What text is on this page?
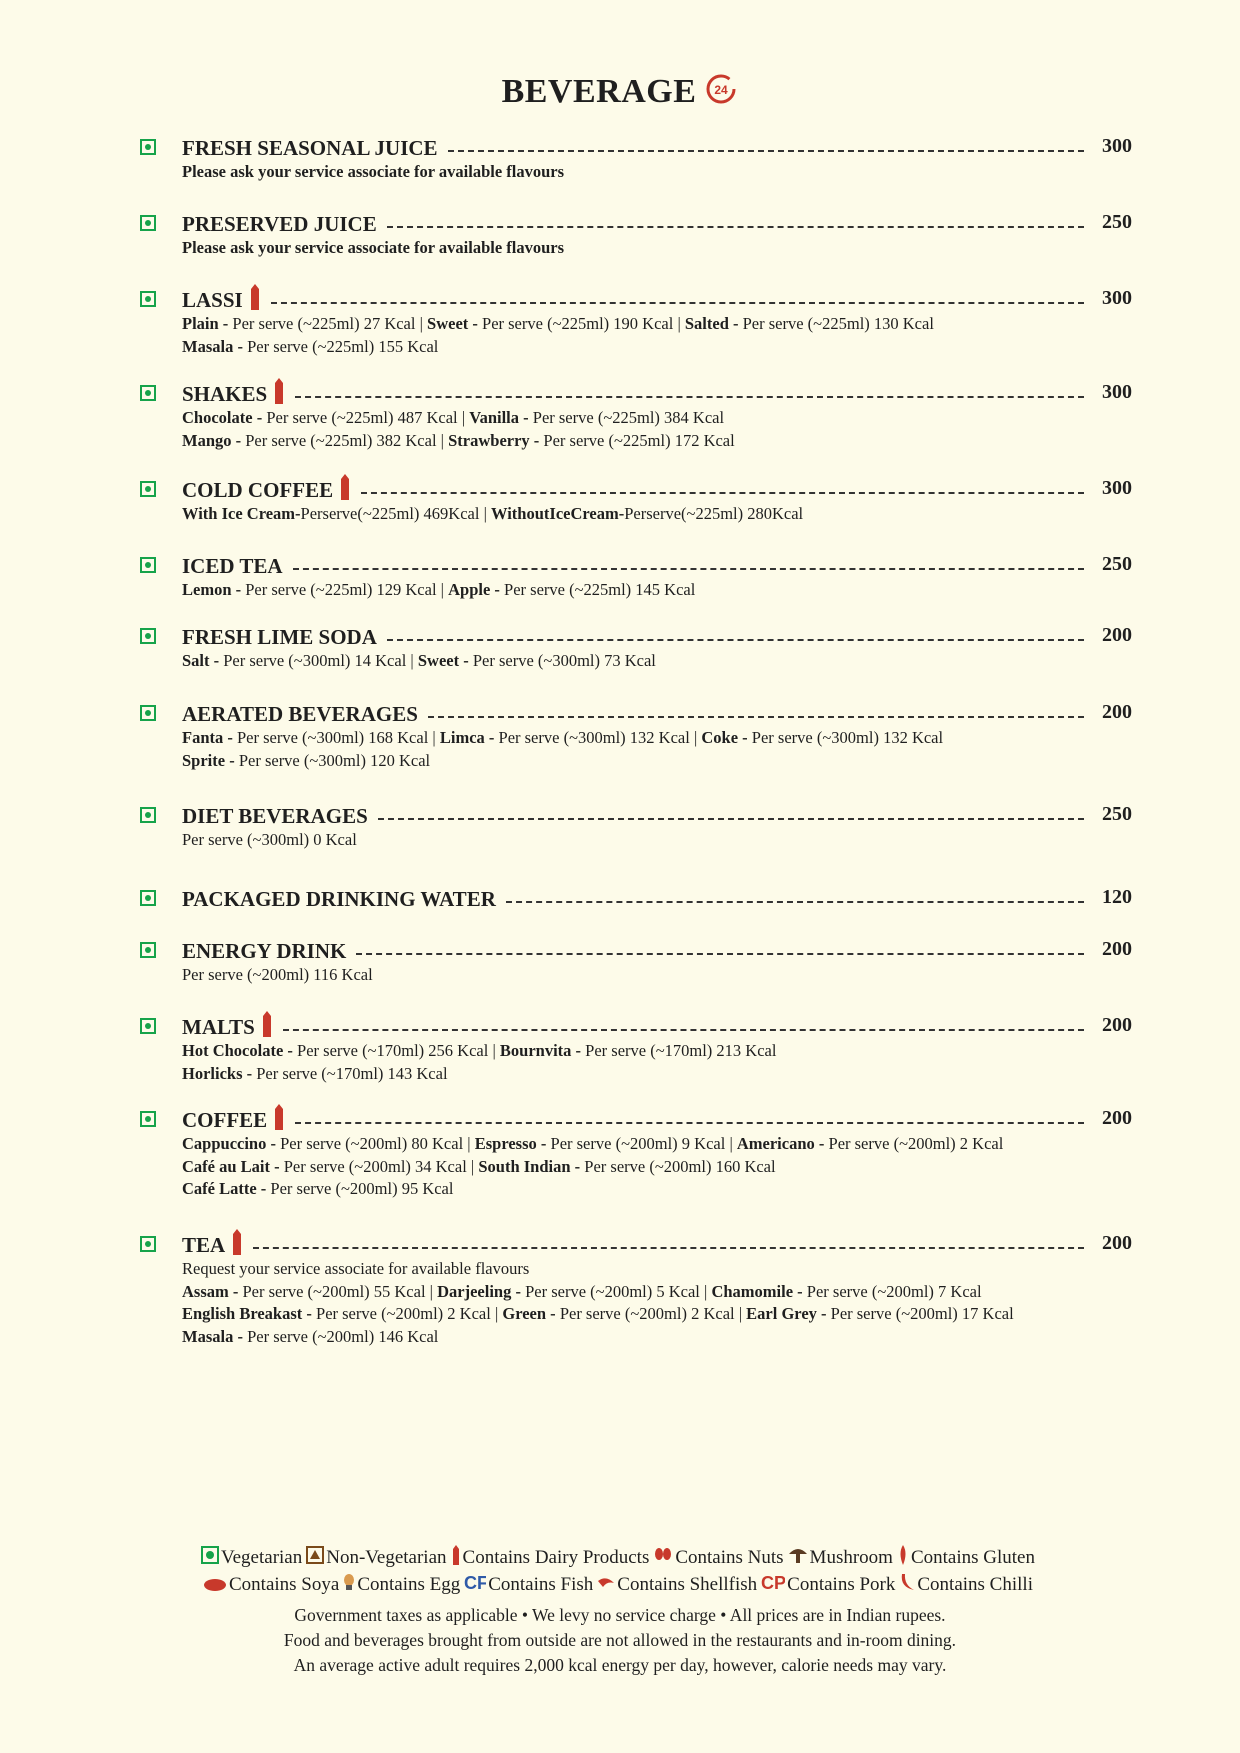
BEVERAGE 24
FRESH SEASONAL JUICE	300
Please ask your service associate for available flavours
PRESERVED JUICE	250
Please ask your service associate for available flavours
LASSI	300
Plain - Per serve (~225ml) 27 Kcal | Sweet - Per serve (~225ml) 190 Kcal | Salted - Per serve (~225ml) 130 Kcal
Masala - Per serve (~225ml) 155 Kcal
SHAKES	300
Chocolate - Per serve (~225ml) 487 Kcal | Vanilla - Per serve (~225ml) 384 Kcal
Mango - Per serve (~225ml) 382 Kcal | Strawberry - Per serve (~225ml) 172 Kcal
COLD COFFEE	300
With Ice Cream-Perserve(~225ml) 469Kcal | WithoutIceCream-Perserve(~225ml) 280Kcal
ICED TEA	250
Lemon - Per serve (~225ml) 129 Kcal | Apple - Per serve (~225ml) 145 Kcal
FRESH LIME SODA	200
Salt - Per serve (~300ml) 14 Kcal | Sweet - Per serve (~300ml) 73 Kcal
AERATED BEVERAGES	200
Fanta - Per serve (~300ml) 168 Kcal | Limca - Per serve (~300ml) 132 Kcal | Coke - Per serve (~300ml) 132 Kcal
Sprite - Per serve (~300ml) 120 Kcal
DIET BEVERAGES	250
Per serve (~300ml) 0 Kcal
PACKAGED DRINKING WATER	120
ENERGY DRINK	200
Per serve (~200ml) 116 Kcal
MALTS	200
Hot Chocolate - Per serve (~170ml) 256 Kcal | Bournvita - Per serve (~170ml) 213 Kcal
Horlicks - Per serve (~170ml) 143 Kcal
COFFEE	200
Cappuccino - Per serve (~200ml) 80 Kcal | Espresso - Per serve (~200ml) 9 Kcal | Americano - Per serve (~200ml) 2 Kcal
Café au Lait - Per serve (~200ml) 34 Kcal | South Indian - Per serve (~200ml) 160 Kcal
Café Latte - Per serve (~200ml) 95 Kcal
TEA	200
Request your service associate for available flavours
Assam - Per serve (~200ml) 55 Kcal | Darjeeling - Per serve (~200ml) 5 Kcal | Chamomile - Per serve (~200ml) 7 Kcal
English Breakast - Per serve (~200ml) 2 Kcal | Green - Per serve (~200ml) 2 Kcal | Earl Grey - Per serve (~200ml) 17 Kcal
Masala - Per serve (~200ml) 146 Kcal
Vegetarian Non-Vegetarian Contains Dairy Products Contains Nuts Mushroom Contains Gluten
Contains Soya Contains Egg CF Contains Fish Contains Shellfish CP Contains Pork Contains Chilli
Government taxes as applicable • We levy no service charge • All prices are in Indian rupees.
Food and beverages brought from outside are not allowed in the restaurants and in-room dining.
An average active adult requires 2,000 kcal energy per day, however, calorie needs may vary.
